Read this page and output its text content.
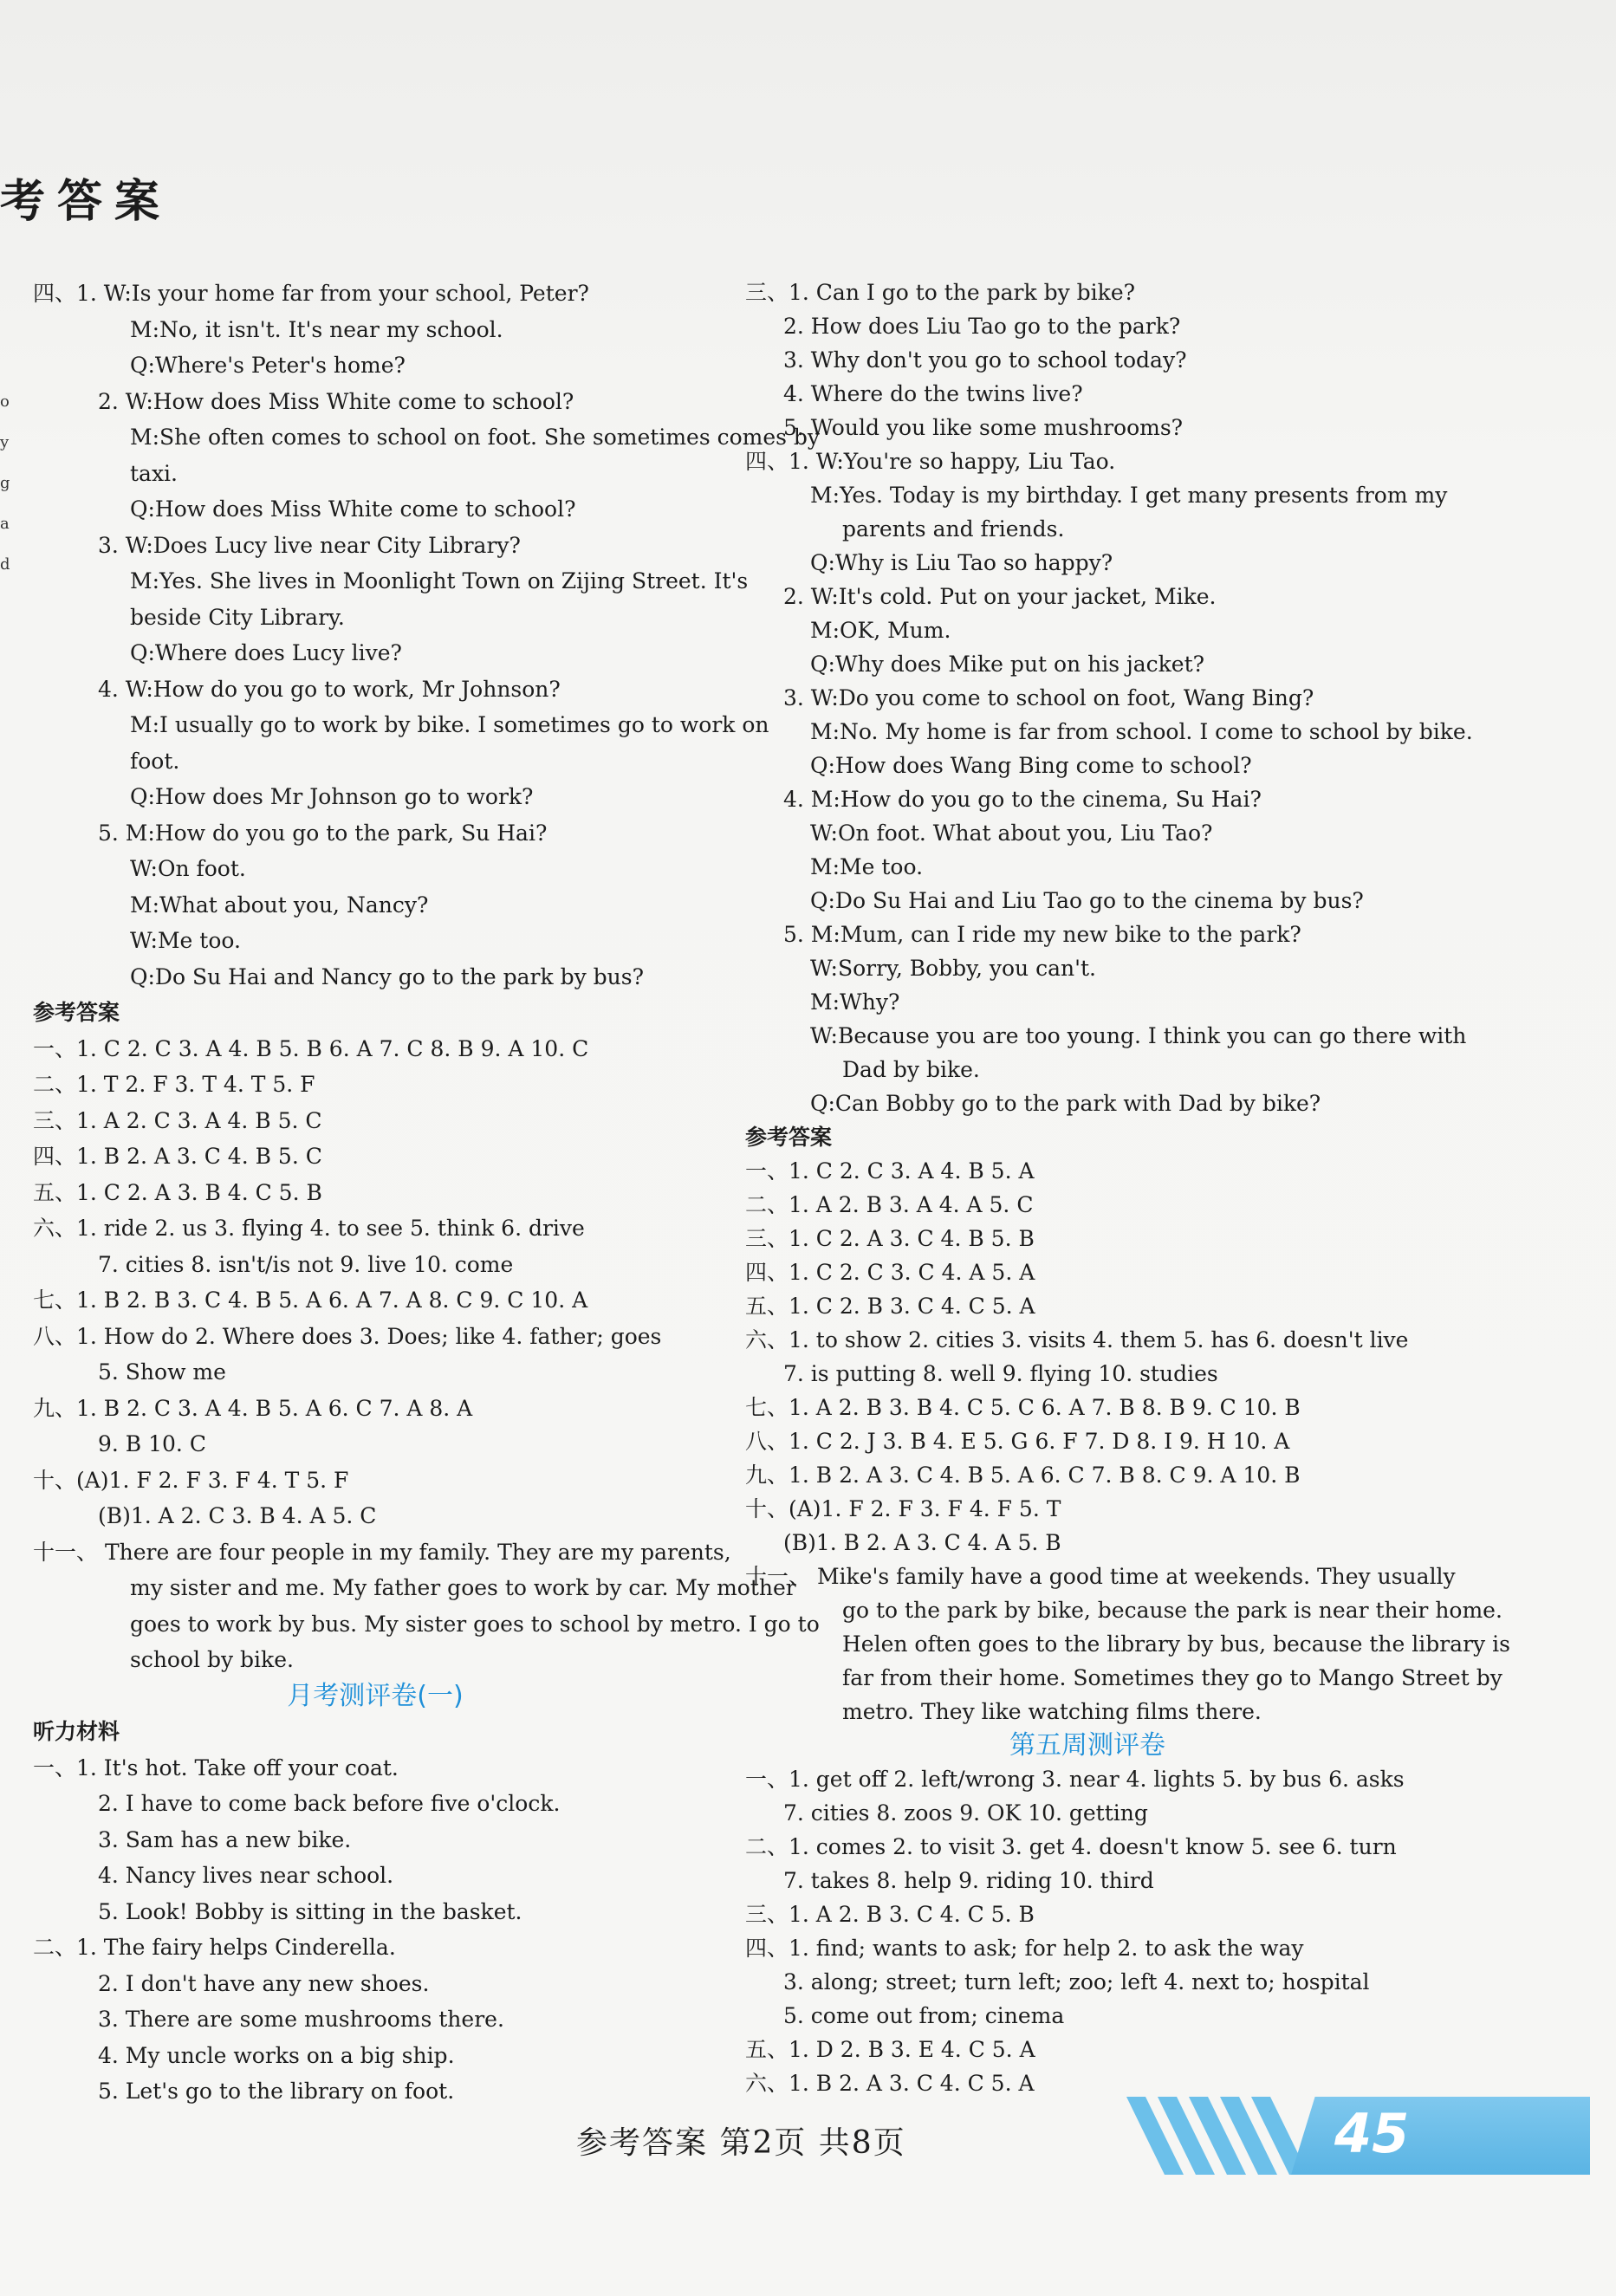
考答案
o
y
g
a
d
四、1. W:Is your home far from your school, Peter?
M:No, it isn't. It's near my school.
Q:Where's Peter's home?
2. W:How does Miss White come to school?
M:She often comes to school on foot. She sometimes comes by
taxi.
Q:How does Miss White come to school?
3. W:Does Lucy live near City Library?
M:Yes. She lives in Moonlight Town on Zijing Street. It's
beside City Library.
Q:Where does Lucy live?
4. W:How do you go to work, Mr Johnson?
M:I usually go to work by bike. I sometimes go to work on
foot.
Q:How does Mr Johnson go to work?
5. M:How do you go to the park, Su Hai?
W:On foot.
M:What about you, Nancy?
W:Me too.
Q:Do Su Hai and Nancy go to the park by bus?
参考答案
一、1. C 2. C 3. A 4. B 5. B 6. A 7. C 8. B 9. A 10. C
二、1. T 2. F 3. T 4. T 5. F
三、1. A 2. C 3. A 4. B 5. C
四、1. B 2. A 3. C 4. B 5. C
五、1. C 2. A 3. B 4. C 5. B
六、1. ride 2. us 3. flying 4. to see 5. think 6. drive
7. cities 8. isn't/is not 9. live 10. come
七、1. B 2. B 3. C 4. B 5. A 6. A 7. A 8. C 9. C 10. A
八、1. How do 2. Where does 3. Does; like 4. father; goes
5. Show me
九、1. B 2. C 3. A 4. B 5. A 6. C 7. A 8. A
9. B 10. C
十、(A)1. F 2. F 3. F 4. T 5. F
(B)1. A 2. C 3. B 4. A 5. C
十一、 There are four people in my family. They are my parents,
my sister and me. My father goes to work by car. My mother
goes to work by bus. My sister goes to school by metro. I go to
school by bike.
月考测评卷(一)
听力材料
一、1. It's hot. Take off your coat.
2. I have to come back before five o'clock.
3. Sam has a new bike.
4. Nancy lives near school.
5. Look! Bobby is sitting in the basket.
二、1. The fairy helps Cinderella.
2. I don't have any new shoes.
3. There are some mushrooms there.
4. My uncle works on a big ship.
5. Let's go to the library on foot.
三、1. Can I go to the park by bike?
2. How does Liu Tao go to the park?
3. Why don't you go to school today?
4. Where do the twins live?
5. Would you like some mushrooms?
四、1. W:You're so happy, Liu Tao.
M:Yes. Today is my birthday. I get many presents from my
parents and friends.
Q:Why is Liu Tao so happy?
2. W:It's cold. Put on your jacket, Mike.
M:OK, Mum.
Q:Why does Mike put on his jacket?
3. W:Do you come to school on foot, Wang Bing?
M:No. My home is far from school. I come to school by bike.
Q:How does Wang Bing come to school?
4. M:How do you go to the cinema, Su Hai?
W:On foot. What about you, Liu Tao?
M:Me too.
Q:Do Su Hai and Liu Tao go to the cinema by bus?
5. M:Mum, can I ride my new bike to the park?
W:Sorry, Bobby, you can't.
M:Why?
W:Because you are too young. I think you can go there with
Dad by bike.
Q:Can Bobby go to the park with Dad by bike?
参考答案
一、1. C 2. C 3. A 4. B 5. A
二、1. A 2. B 3. A 4. A 5. C
三、1. C 2. A 3. C 4. B 5. B
四、1. C 2. C 3. C 4. A 5. A
五、1. C 2. B 3. C 4. C 5. A
六、1. to show 2. cities 3. visits 4. them 5. has 6. doesn't live
7. is putting 8. well 9. flying 10. studies
七、1. A 2. B 3. B 4. C 5. C 6. A 7. B 8. B 9. C 10. B
八、1. C 2. J 3. B 4. E 5. G 6. F 7. D 8. I 9. H 10. A
九、1. B 2. A 3. C 4. B 5. A 6. C 7. B 8. C 9. A 10. B
十、(A)1. F 2. F 3. F 4. F 5. T
(B)1. B 2. A 3. C 4. A 5. B
十一、 Mike's family have a good time at weekends. They usually
go to the park by bike, because the park is near their home.
Helen often goes to the library by bus, because the library is
far from their home. Sometimes they go to Mango Street by
metro. They like watching films there.
第五周测评卷
一、1. get off 2. left/wrong 3. near 4. lights 5. by bus 6. asks
7. cities 8. zoos 9. OK 10. getting
二、1. comes 2. to visit 3. get 4. doesn't know 5. see 6. turn
7. takes 8. help 9. riding 10. third
三、1. A 2. B 3. C 4. C 5. B
四、1. find; wants to ask; for help 2. to ask the way
3. along; street; turn left; zoo; left 4. next to; hospital
5. come out from; cinema
五、1. D 2. B 3. E 4. C 5. A
六、1. B 2. A 3. C 4. C 5. A
参考答案 第2页 共8页	45
